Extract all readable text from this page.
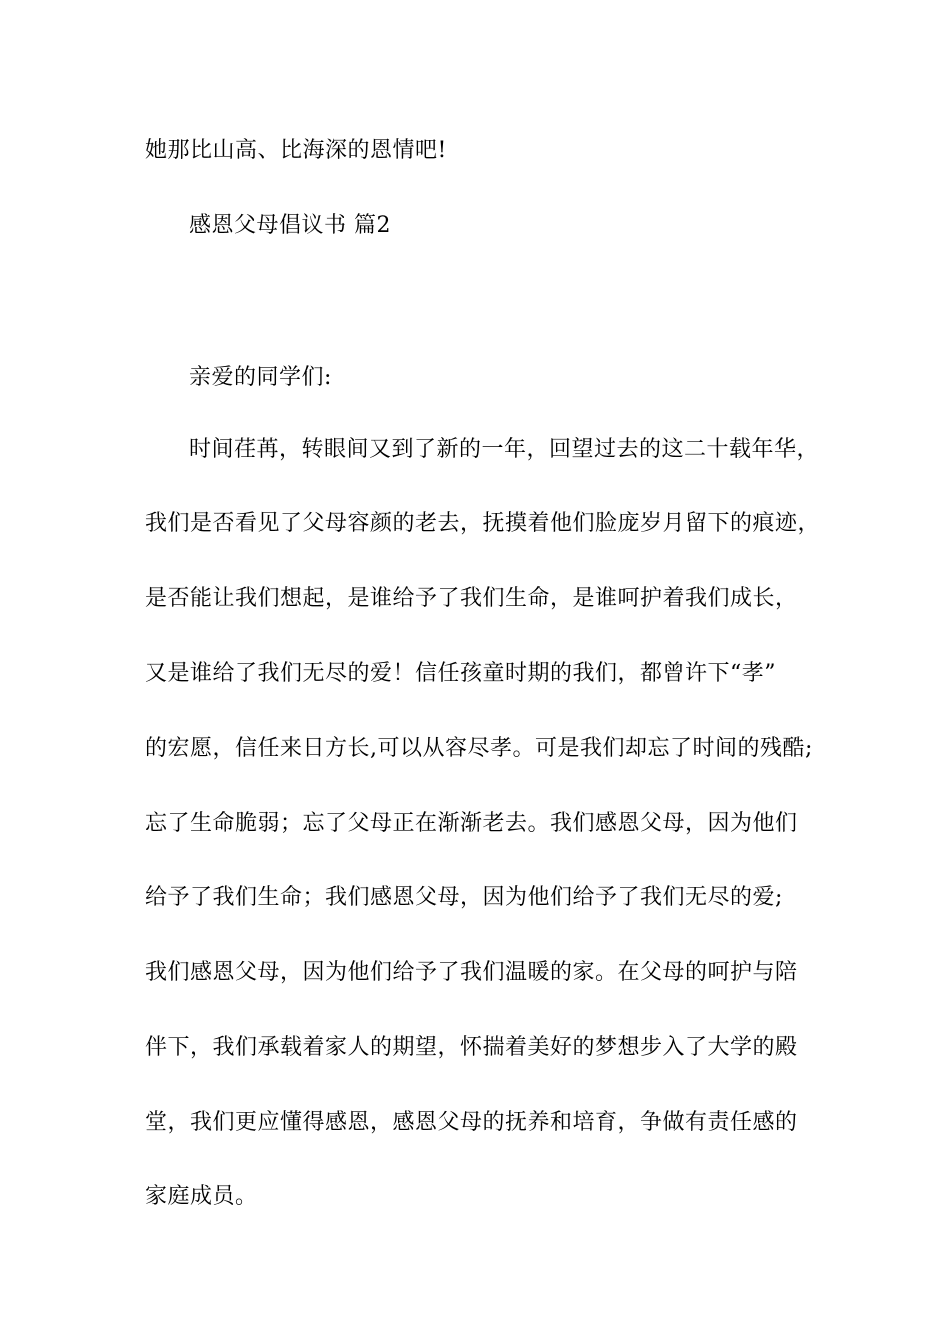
她那比山高、比海深的恩情吧!
感恩父母倡议书 篇2
亲爱的同学们:
时间荏苒，转眼间又到了新的一年，回望过去的这二十载年华，
我们是否看见了父母容颜的老去，抚摸着他们脸庞岁月留下的痕迹，
是否能让我们想起，是谁给予了我们生命，是谁呵护着我们成长，
又是谁给了我们无尽的爱！信任孩童时期的我们，都曾许下“孝”
的宏愿，信任来日方长,可以从容尽孝。可是我们却忘了时间的残酷;
忘了生命脆弱；忘了父母正在渐渐老去。我们感恩父母，因为他们
给予了我们生命；我们感恩父母，因为他们给予了我们无尽的爱;
我们感恩父母，因为他们给予了我们温暖的家。在父母的呵护与陪
伴下，我们承载着家人的期望，怀揣着美好的梦想步入了大学的殿
堂，我们更应懂得感恩，感恩父母的抚养和培育，争做有责任感的
家庭成员。
